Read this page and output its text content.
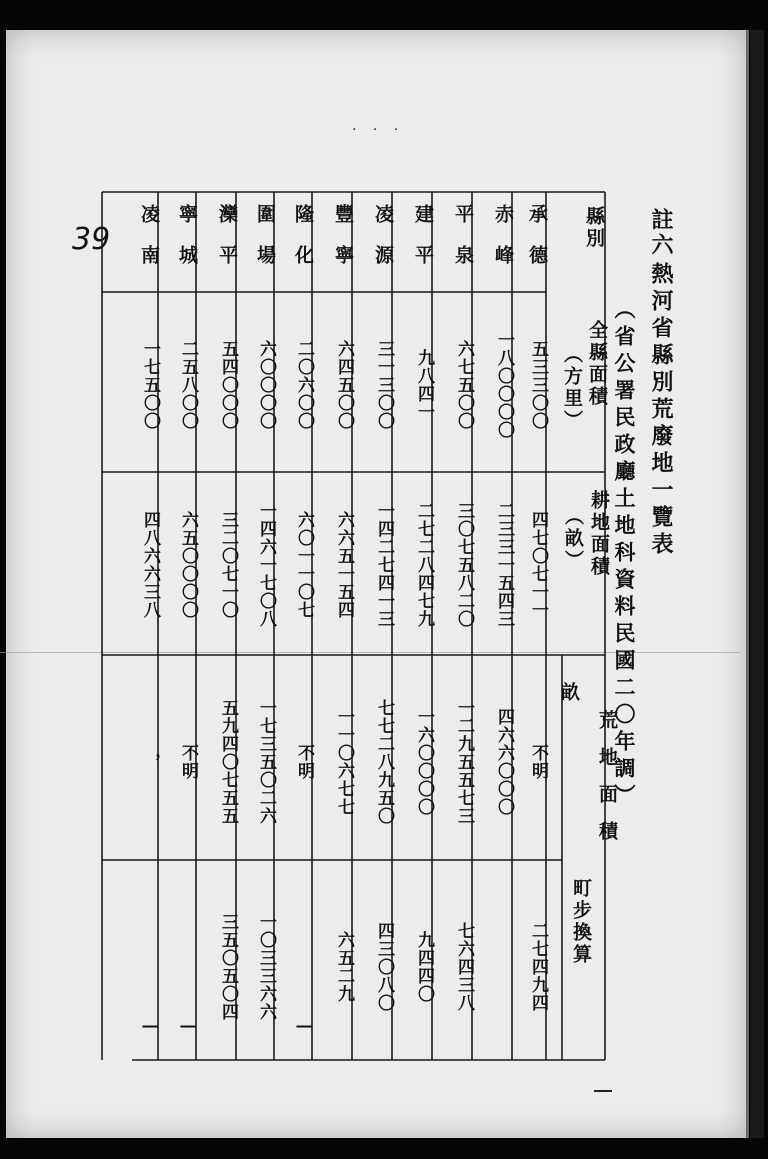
· · ·
39	註六
熱河省縣別荒廢地一覽表
（省公署民政廳土地科資料民國二〇年調）
縣別
全縣面積
（方里）
耕地面積
（畝）
荒地面積
畝
町步換算
承德
五三三〇〇
四七〇七一一
不明
二七四九四
赤峰
一八〇〇〇〇
二三三一五四三
四六六〇〇〇
平泉
六七五〇〇
三〇七五八二〇
一二九五五七三
七六四三八
建平
九八四一
二七二八四七九
一六〇〇〇〇
九四四〇
凌源
三一三〇〇
一四二七四一三
七七二八九五〇
四三〇八〇
豐寧
六四五〇〇
六六五一五四
一一〇六七七
六五二九
隆化
二〇六〇〇
六〇一一〇七
不明
—
圍場
六〇〇〇〇
一四六一七〇八
一七三五〇二六
一〇三三六六
灤平
五四〇〇〇
三二〇七一〇
五九四〇七五五
三五〇五〇四
寧城
二五八〇〇
六五〇〇〇〇
不明
—
凌南
一七五〇〇
四八六六三八
，
—
